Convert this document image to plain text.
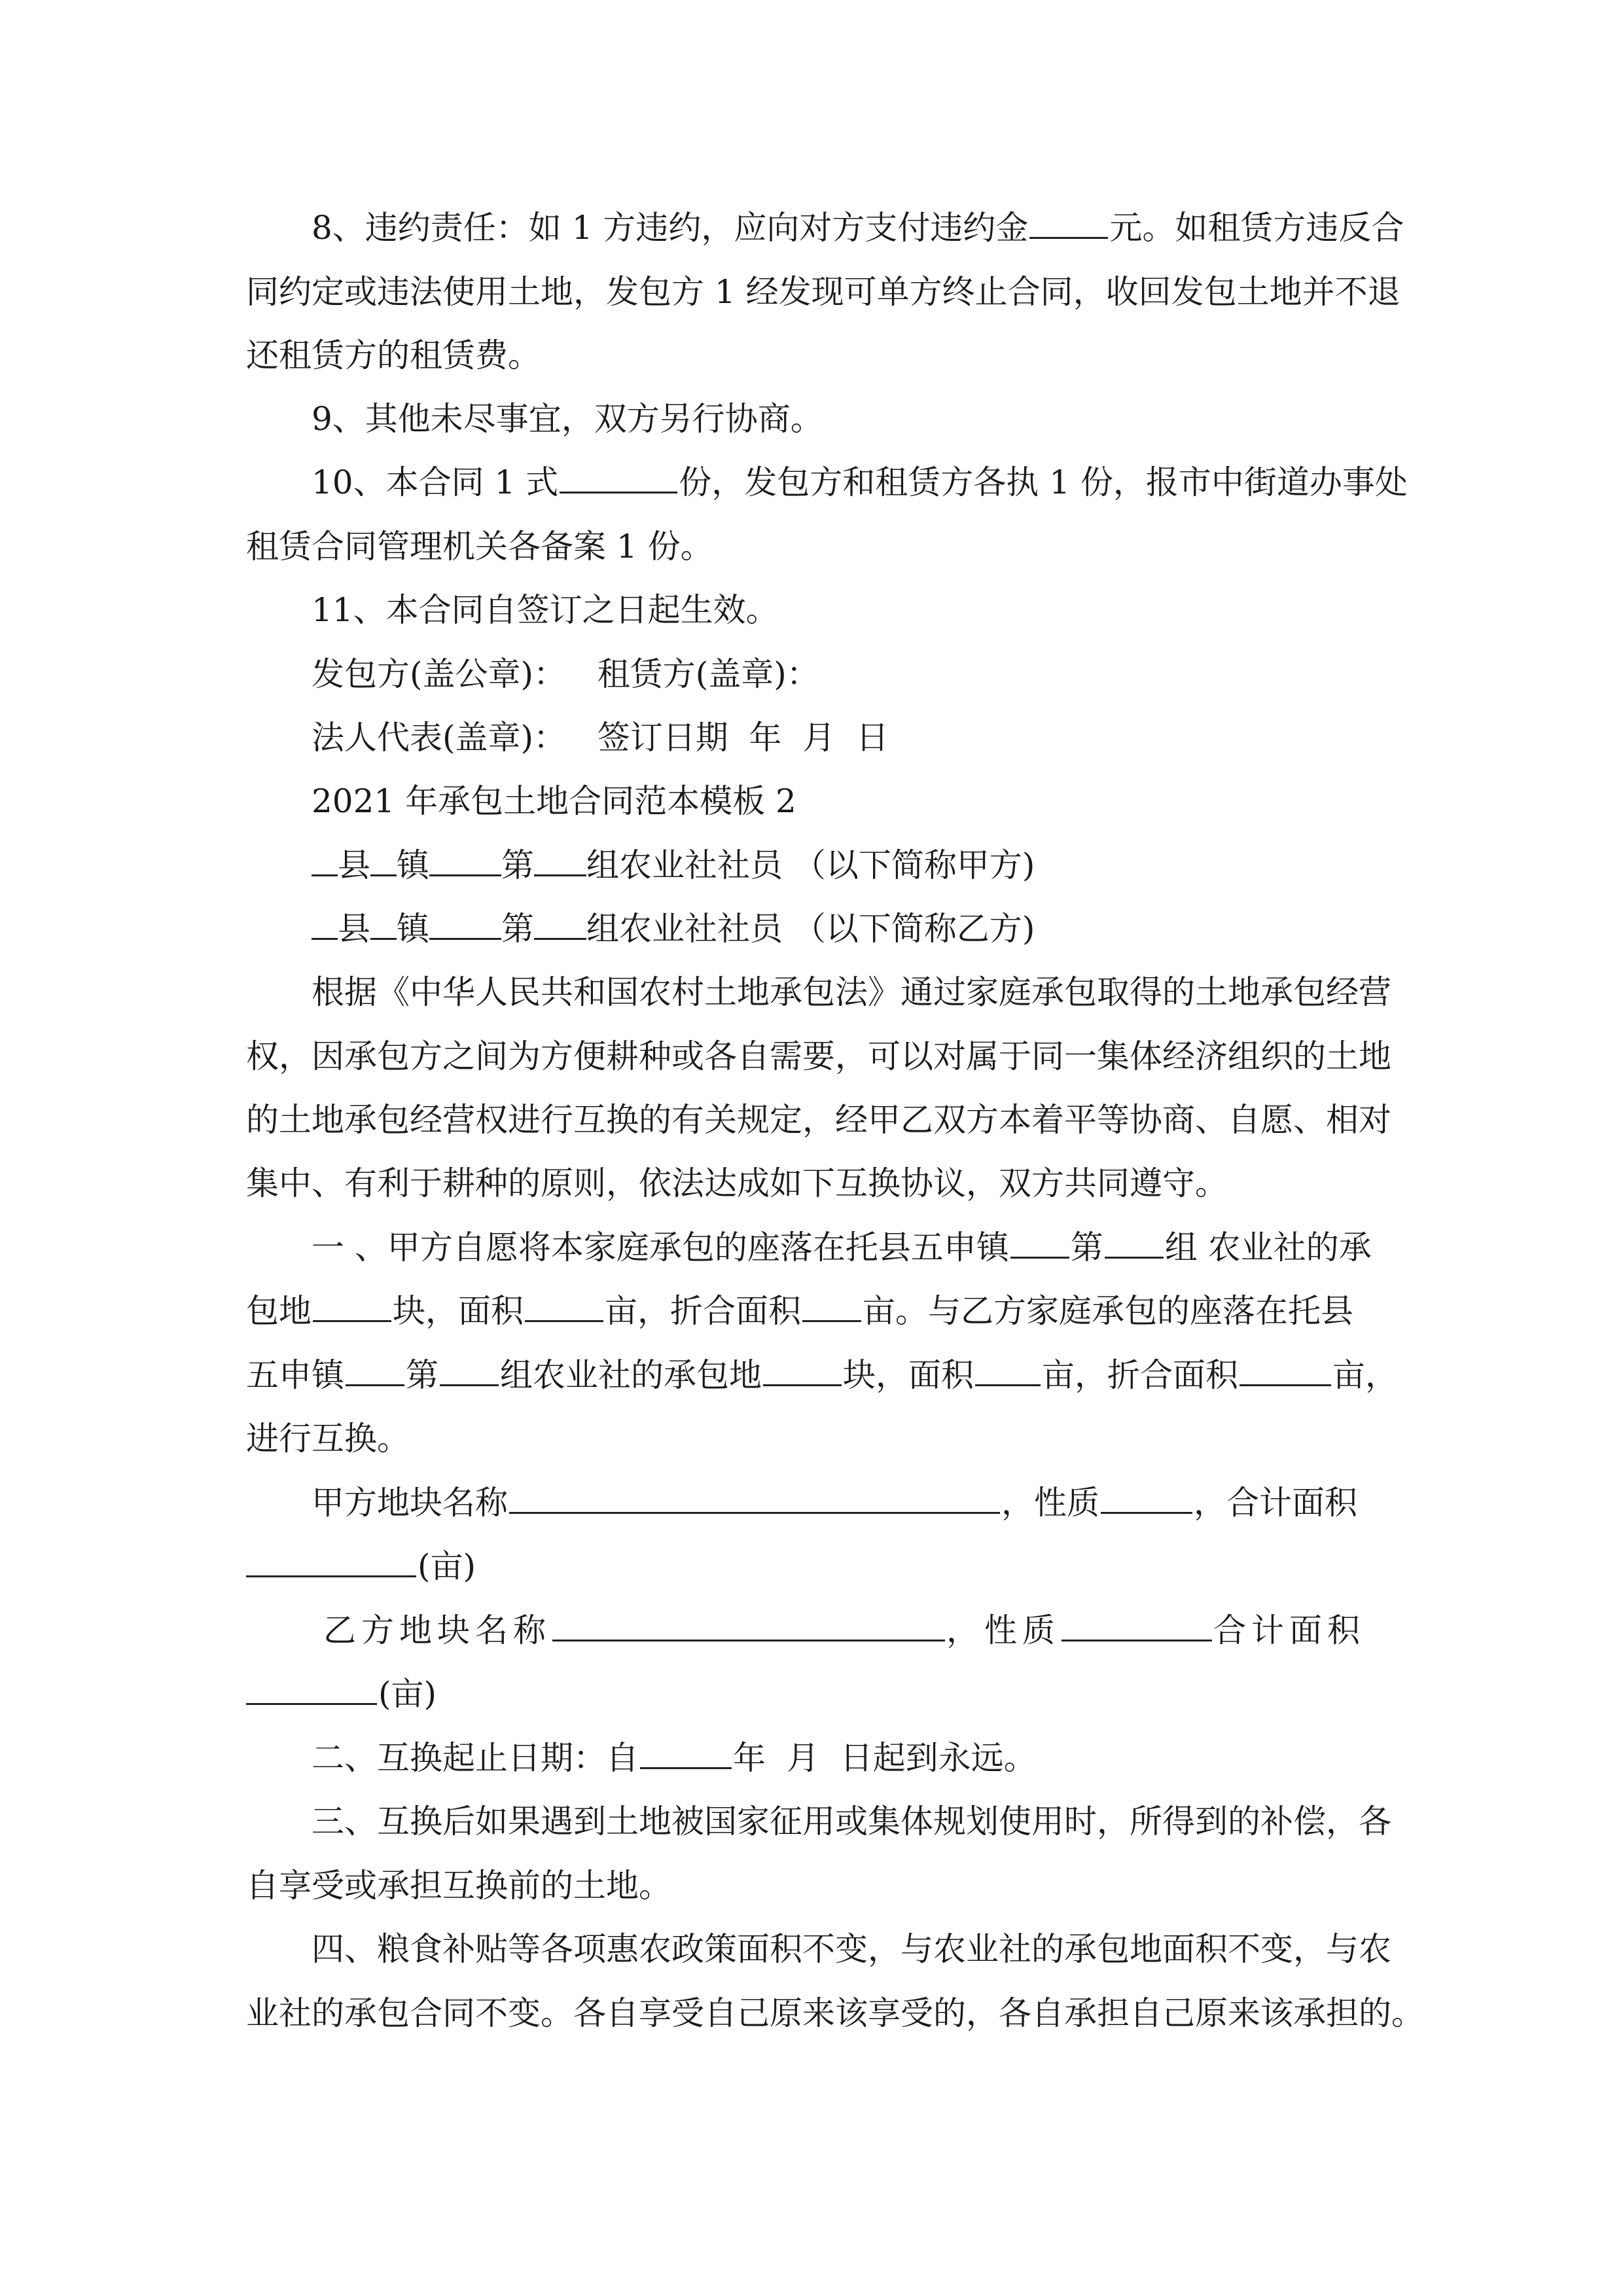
8、违约责任：如 1 方违约，应向对方支付违约金 元。如租赁方违反合
同约定或违法使用土地，发包方 1 经发现可单方终止合同，收回发包土地并不退
还租赁方的租赁费。
9、其他未尽事宜，双方另行协商。
10、本合同 1 式	份，发包方和租赁方各执 1 份，报市中街道办事处
租赁合同管理机关各备案 1 份。
11、本合同自签订之日起生效。
发包方(盖公章)：   租赁方(盖章)：
法人代表(盖章)：   签订日期  年  月  日
2021 年承包土地合同范本模板 2
县 镇 第 组农业社社员 （以下简称甲方)
县 镇 第 组农业社社员 （以下简称乙方)
根据《中华人民共和国农村土地承包法》通过家庭承包取得的土地承包经营
权，因承包方之间为方便耕种或各自需要，可以对属于同一集体经济组织的土地
的土地承包经营权进行互换的有关规定，经甲乙双方本着平等协商、自愿、相对
集中、有利于耕种的原则，依法达成如下互换协议，双方共同遵守。
一 、甲方自愿将本家庭承包的座落在托县五申镇 第 组 农业社的承
包地 块，面积 亩，折合面积 亩。与乙方家庭承包的座落在托县
五申镇 第 组农业社的承包地 块，面积 亩，折合面积	亩，
进行互换。
甲方地块名称	，性质	，合计面积
(亩)
乙方地块名称	，性质	合计面积
(亩)
二、互换起止日期：自	年  月  日起到永远。
三、互换后如果遇到土地被国家征用或集体规划使用时，所得到的补偿，各
自享受或承担互换前的土地。
四、粮食补贴等各项惠农政策面积不变，与农业社的承包地面积不变，与农
业社的承包合同不变。各自享受自己原来该享受的，各自承担自己原来该承担的。
